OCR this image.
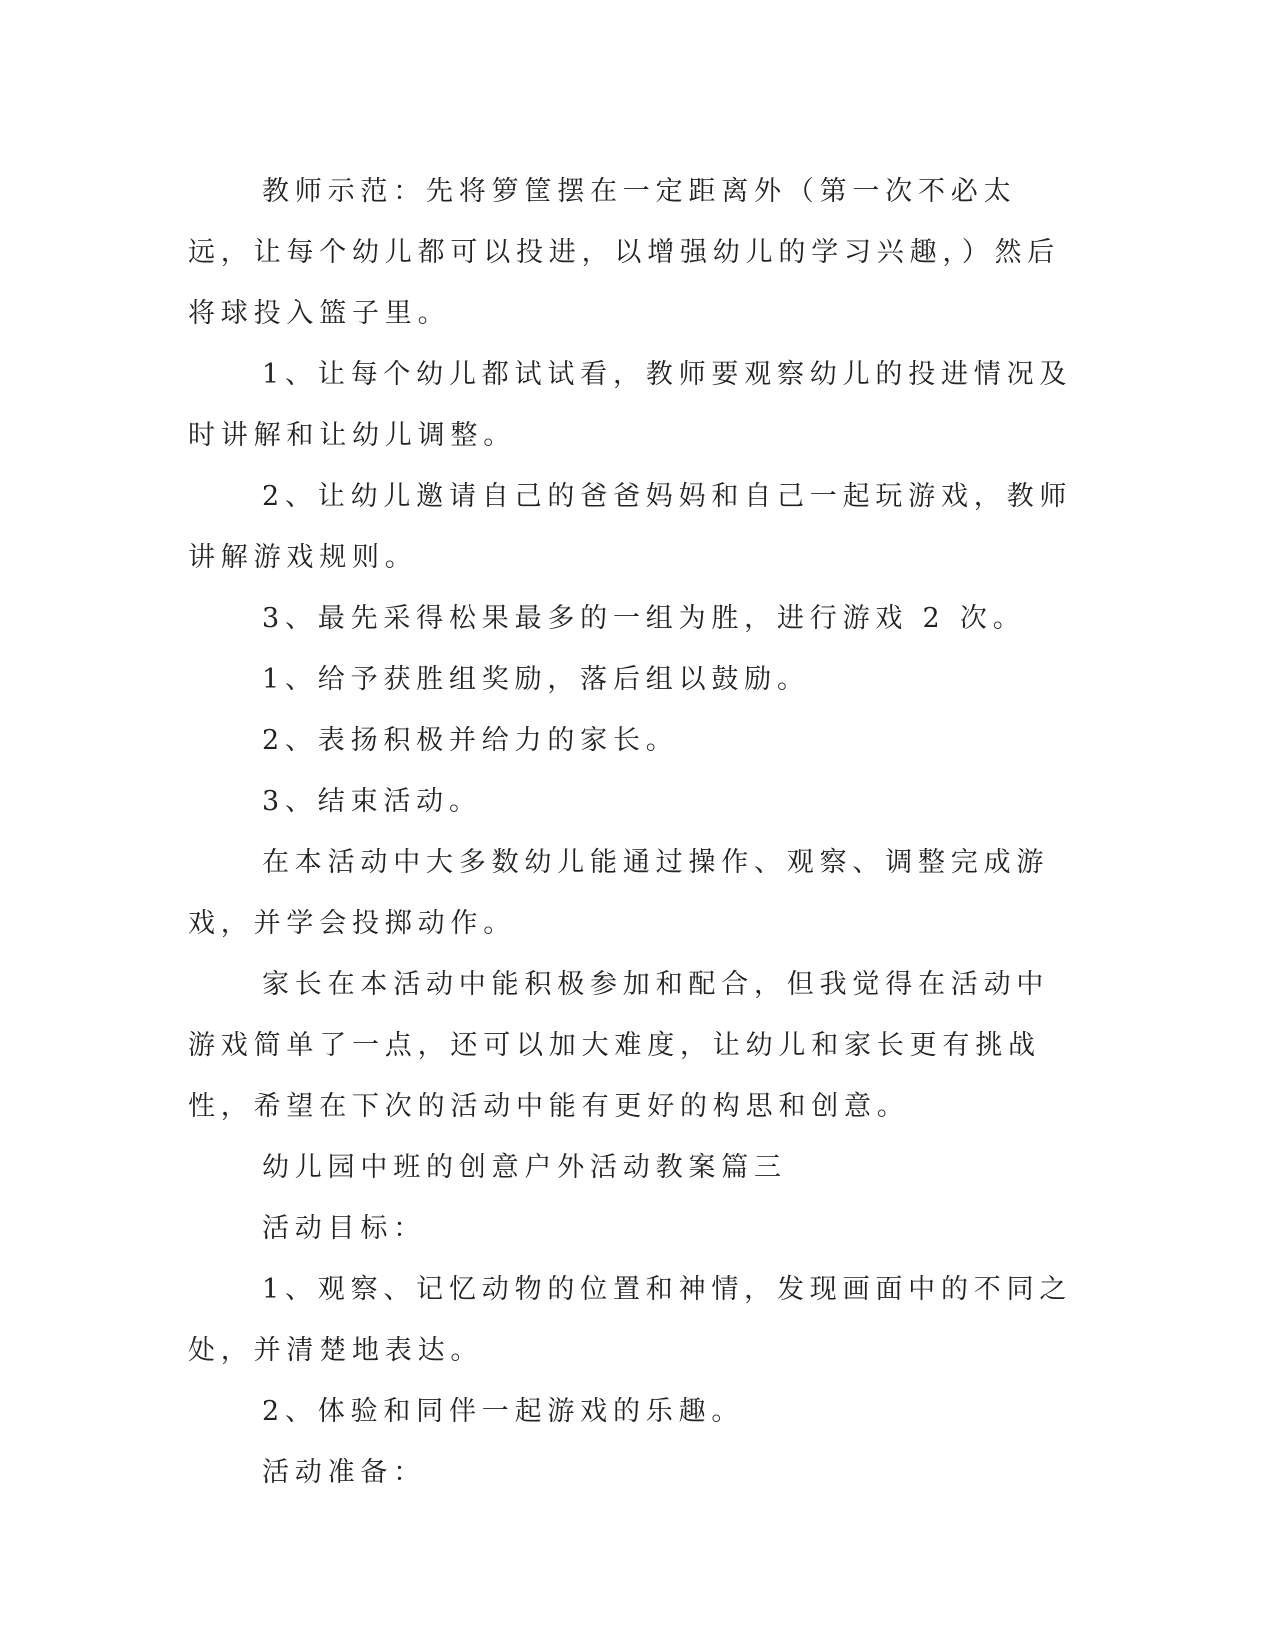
教师示范：先将箩筐摆在一定距离外（第一次不必太远，让每个幼儿都可以投进，以增强幼儿的学习兴趣，）然后将球投入篮子里。

1、让每个幼儿都试试看，教师要观察幼儿的投进情况及时讲解和让幼儿调整。

2、让幼儿邀请自己的爸爸妈妈和自己一起玩游戏，教师讲解游戏规则。

3、最先采得松果最多的一组为胜，进行游戏 2 次。

1、给予获胜组奖励，落后组以鼓励。

2、表扬积极并给力的家长。

3、结束活动。

在本活动中大多数幼儿能通过操作、观察、调整完成游戏，并学会投掷动作。

家长在本活动中能积极参加和配合，但我觉得在活动中游戏简单了一点，还可以加大难度，让幼儿和家长更有挑战性，希望在下次的活动中能有更好的构思和创意。

幼儿园中班的创意户外活动教案篇三

活动目标：

1、观察、记忆动物的位置和神情，发现画面中的不同之处，并清楚地表达。

2、体验和同伴一起游戏的乐趣。

活动准备：
